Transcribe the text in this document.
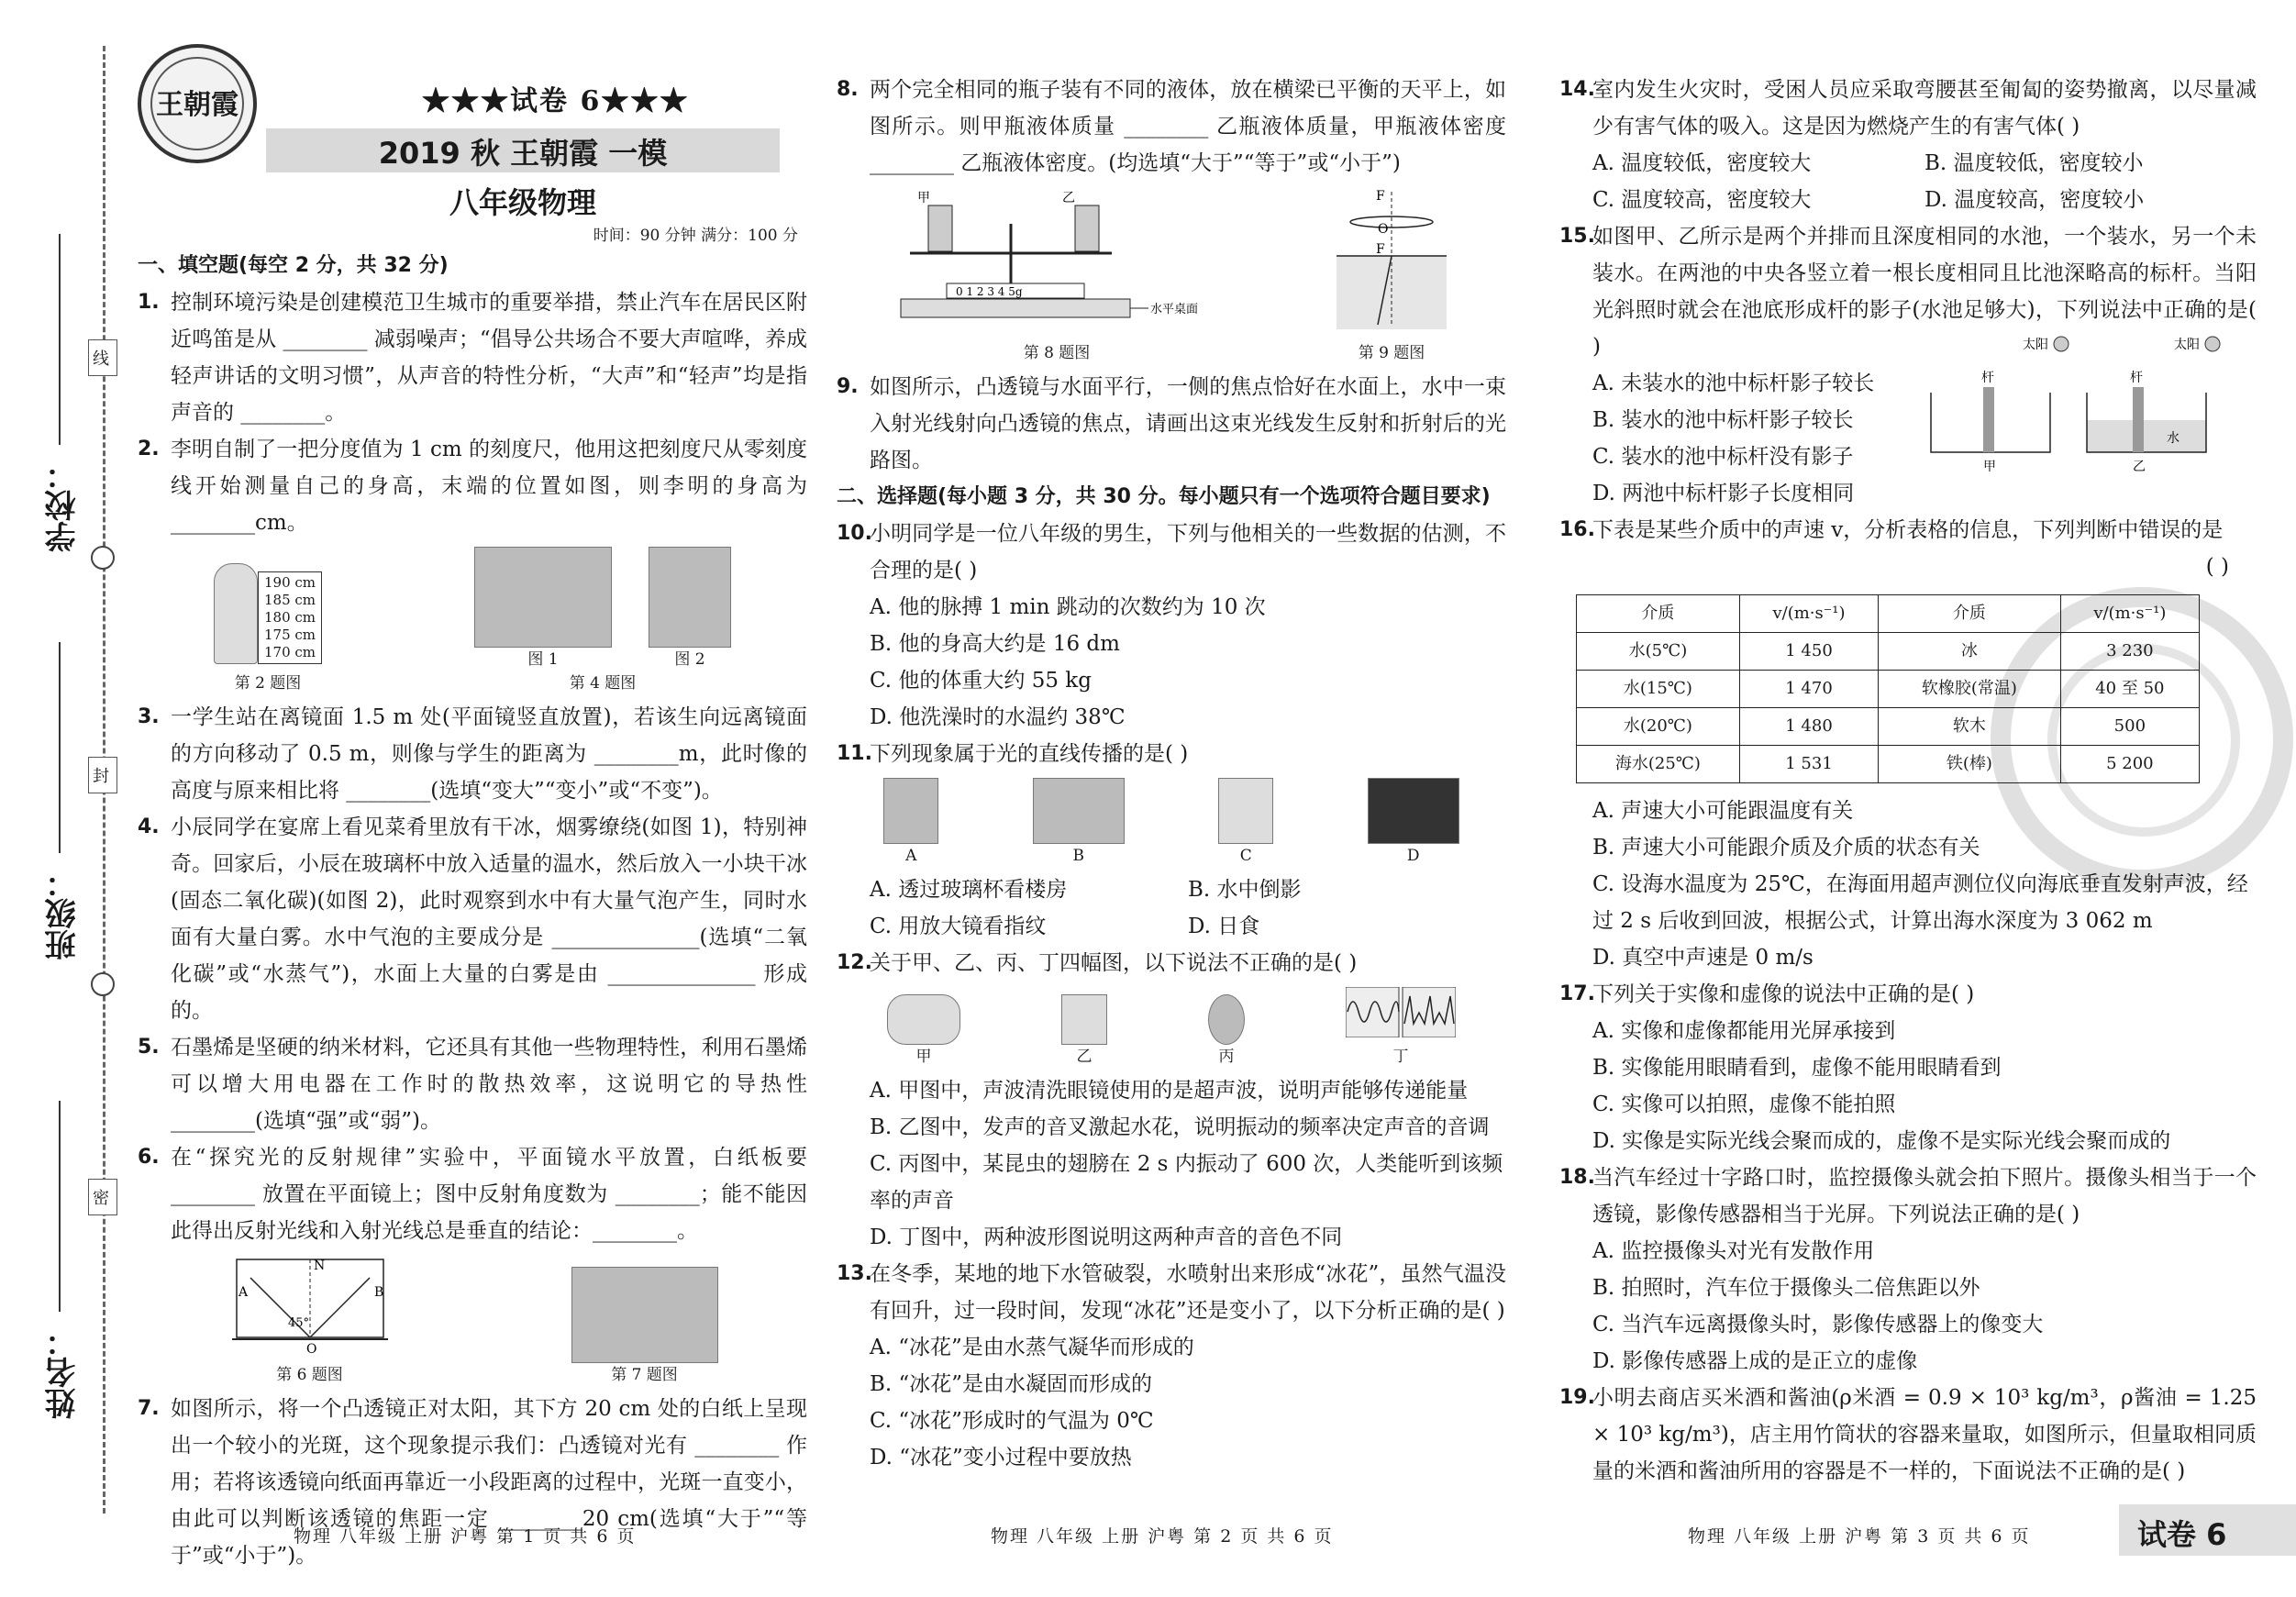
学校：
班级：
姓名：
线
封
密
王朝霞	★★★试卷 6★★★
2019 秋 王朝霞 一模
八年级物理
时间：90 分钟 满分：100 分
一、填空题(每空 2 分，共 32 分)
1. 控制环境污染是创建模范卫生城市的重要举措，禁止汽车在居民区附近鸣笛是从 ________ 减弱噪声；“倡导公共场合不要大声喧哗，养成轻声讲话的文明习惯”，从声音的特性分析，“大声”和“轻声”均是指声音的 ________。
2. 李明自制了一把分度值为 1 cm 的刻度尺，他用这把刻度尺从零刻度线开始测量自己的身高，末端的位置如图，则李明的身高为 ________cm。
190 cm
185 cm
180 cm
175 cm
170 cm
第 2 题图
图 1	图 2
第 4 题图
3. 一学生站在离镜面 1.5 m 处(平面镜竖直放置)，若该生向远离镜面的方向移动了 0.5 m，则像与学生的距离为 ________m，此时像的高度与原来相比将 ________(选填“变大”“变小”或“不变”)。
4. 小辰同学在宴席上看见菜肴里放有干冰，烟雾缭绕(如图 1)，特别神奇。回家后，小辰在玻璃杯中放入适量的温水，然后放入一小块干冰(固态二氧化碳)(如图 2)，此时观察到水中有大量气泡产生，同时水面有大量白雾。水中气泡的主要成分是 ______________(选填“二氧化碳”或“水蒸气”)，水面上大量的白雾是由 ______________ 形成的。
5. 石墨烯是坚硬的纳米材料，它还具有其他一些物理特性，利用石墨烯可以增大用电器在工作时的散热效率，这说明它的导热性 ________(选填“强”或“弱”)。
6. 在“探究光的反射规律”实验中，平面镜水平放置，白纸板要 ________ 放置在平面镜上；图中反射角度数为 ________；能不能因此得出反射光线和入射光线总是垂直的结论：________。
N
A	B
45°
O
第 6 题图	第 7 题图
7. 如图所示，将一个凸透镜正对太阳，其下方 20 cm 处的白纸上呈现出一个较小的光斑，这个现象提示我们：凸透镜对光有 ________ 作用；若将该透镜向纸面再靠近一小段距离的过程中，光斑一直变小，由此可以判断该透镜的焦距一定 ________20 cm(选填“大于”“等于”或“小于”)。
物理 八年级 上册 沪粤 第 1 页 共 6 页
8. 两个完全相同的瓶子装有不同的液体，放在横梁已平衡的天平上，如图所示。则甲瓶液体质量 ________ 乙瓶液体质量，甲瓶液体密度 ________ 乙瓶液体密度。(均选填“大于”“等于”或“小于”)
0 1 2 3 4 5g
甲	乙
水平桌面
第 8 题图
F
O
F
第 9 题图
9. 如图所示，凸透镜与水面平行，一侧的焦点恰好在水面上，水中一束入射光线射向凸透镜的焦点，请画出这束光线发生反射和折射后的光路图。
二、选择题(每小题 3 分，共 30 分。每小题只有一个选项符合题目要求)
10.
小明同学是一位八年级的男生，下列与他相关的一些数据的估测，不合理的是( )
A. 他的脉搏 1 min 跳动的次数约为 10 次
B. 他的身高大约是 16 dm
C. 他的体重大约 55 kg
D. 他洗澡时的水温约 38℃
11.
下列现象属于光的直线传播的是( )
A	B	C	D
A. 透过玻璃杯看楼房	B. 水中倒影
C. 用放大镜看指纹	D. 日食
12.
关于甲、乙、丙、丁四幅图，以下说法不正确的是( )
甲	乙	丙	丁
A. 甲图中，声波清洗眼镜使用的是超声波，说明声能够传递能量
B. 乙图中，发声的音叉激起水花，说明振动的频率决定声音的音调
C. 丙图中，某昆虫的翅膀在 2 s 内振动了 600 次，人类能听到该频率的声音
D. 丁图中，两种波形图说明这两种声音的音色不同
13.
在冬季，某地的地下水管破裂，水喷射出来形成“冰花”，虽然气温没有回升，过一段时间，发现“冰花”还是变小了，以下分析正确的是( )
A. “冰花”是由水蒸气凝华而形成的
B. “冰花”是由水凝固而形成的
C. “冰花”形成时的气温为 0℃
D. “冰花”变小过程中要放热
物理 八年级 上册 沪粤 第 2 页 共 6 页
14.
室内发生火灾时，受困人员应采取弯腰甚至匍匐的姿势撤离，以尽量减少有害气体的吸入。这是因为燃烧产生的有害气体( )
A. 温度较低，密度较大	B. 温度较低，密度较小
C. 温度较高，密度较大	D. 温度较高，密度较小
15.
如图甲、乙所示是两个并排而且深度相同的水池，一个装水，另一个未装水。在两池的中央各竖立着一根长度相同且比池深略高的标杆。当阳光斜照时就会在池底形成杆的影子(水池足够大)，下列说法中正确的是( )
A. 未装水的池中标杆影子较长
B. 装水的池中标杆影子较长
C. 装水的池中标杆没有影子
D. 两池中标杆影子长度相同
太阳	太阳
杆	杆
水
甲	乙
16.
下表是某些介质中的声速 v，分析表格的信息，下列判断中错误的是
( )
介质	v/(m·s⁻¹)	介质	v/(m·s⁻¹)
水(5℃)	1 450	冰	3 230
水(15℃)	1 470	软橡胶(常温)	40 至 50
水(20℃)	1 480	软木	500
海水(25℃)	1 531	铁(棒)	5 200
A. 声速大小可能跟温度有关
B. 声速大小可能跟介质及介质的状态有关
C. 设海水温度为 25℃，在海面用超声测位仪向海底垂直发射声波，经过 2 s 后收到回波，根据公式，计算出海水深度为 3 062 m
D. 真空中声速是 0 m/s
17.
下列关于实像和虚像的说法中正确的是( )
A. 实像和虚像都能用光屏承接到
B. 实像能用眼睛看到，虚像不能用眼睛看到
C. 实像可以拍照，虚像不能拍照
D. 实像是实际光线会聚而成的，虚像不是实际光线会聚而成的
18.
当汽车经过十字路口时，监控摄像头就会拍下照片。摄像头相当于一个透镜，影像传感器相当于光屏。下列说法正确的是( )
A. 监控摄像头对光有发散作用
B. 拍照时，汽车位于摄像头二倍焦距以外
C. 当汽车远离摄像头时，影像传感器上的像变大
D. 影像传感器上成的是正立的虚像
19.
小明去商店买米酒和酱油(ρ米酒 = 0.9 × 10³ kg/m³，ρ酱油 = 1.25 × 10³ kg/m³)，店主用竹筒状的容器来量取，如图所示，但量取相同质量的米酒和酱油所用的容器是不一样的，下面说法不正确的是( )
物理 八年级 上册 沪粤 第 3 页 共 6 页	试卷 6
